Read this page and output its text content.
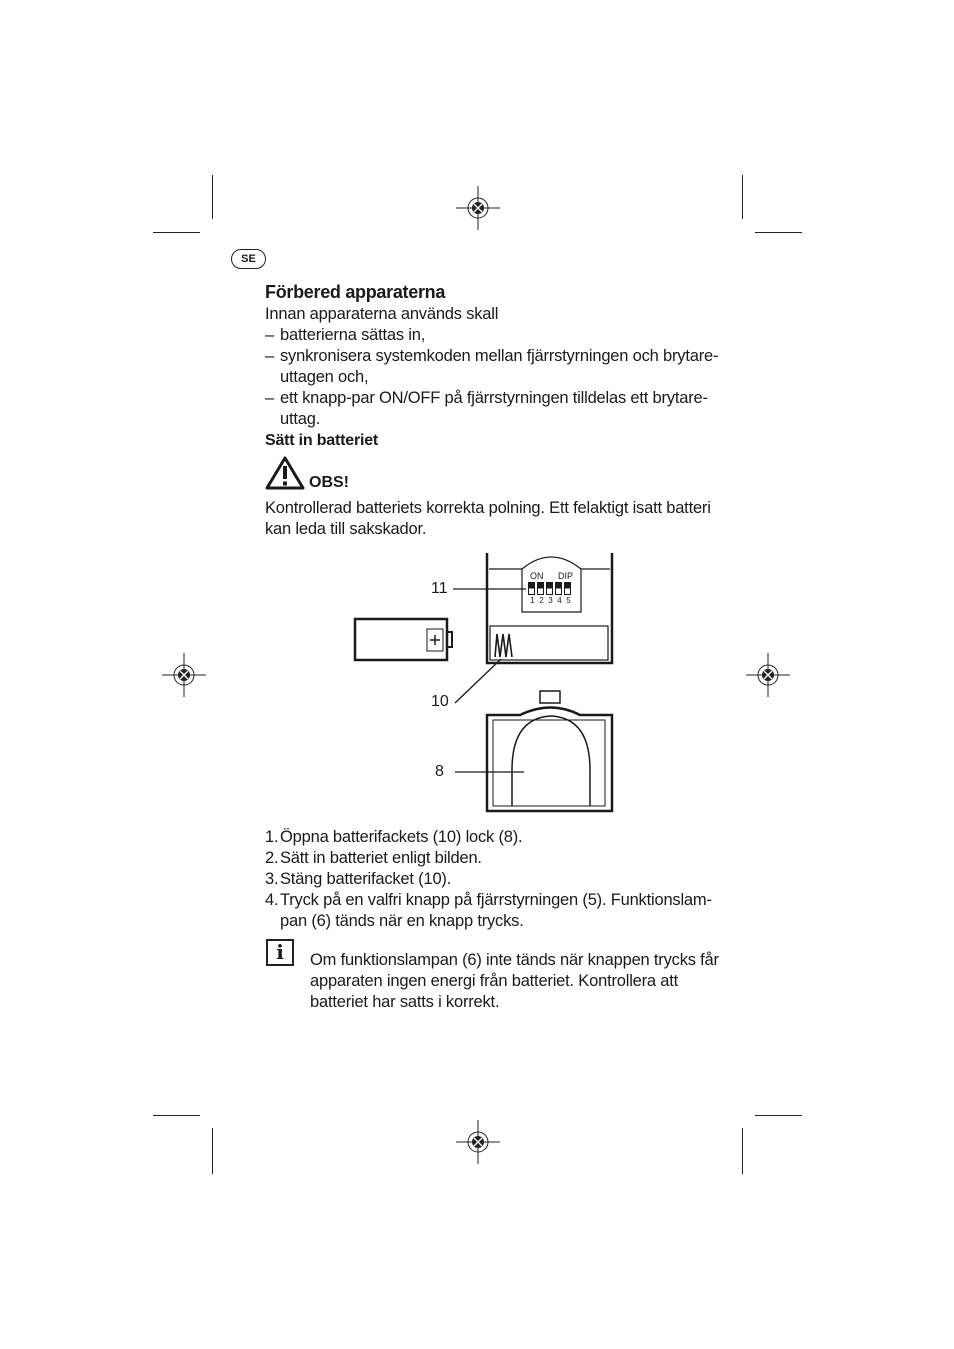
SE
Förbered apparaterna
Innan apparaterna används skall
– batterierna sättas in,
– synkronisera systemkoden mellan fjärrstyrningen och brytare-
uttagen och,
– ett knapp-par ON/OFF på fjärrstyrningen tilldelas ett brytare-
uttag.
Sätt in batteriet
OBS!
Kontrollerad batteriets korrekta polning. Ett felaktigt isatt batteri
kan leda till sakskador.
ON DIP
1 2 3 4 5
11
10
8
1. Öppna batterifackets (10) lock (8).
2. Sätt in batteriet enligt bilden.
3. Stäng batterifacket (10).
4. Tryck på en valfri knapp på fjärrstyrningen (5). Funktionslam-
pan (6) tänds när en knapp trycks.
i	Om funktionslampan (6) inte tänds när knappen trycks får
apparaten ingen energi från batteriet. Kontrollera att
batteriet har satts i korrekt.
